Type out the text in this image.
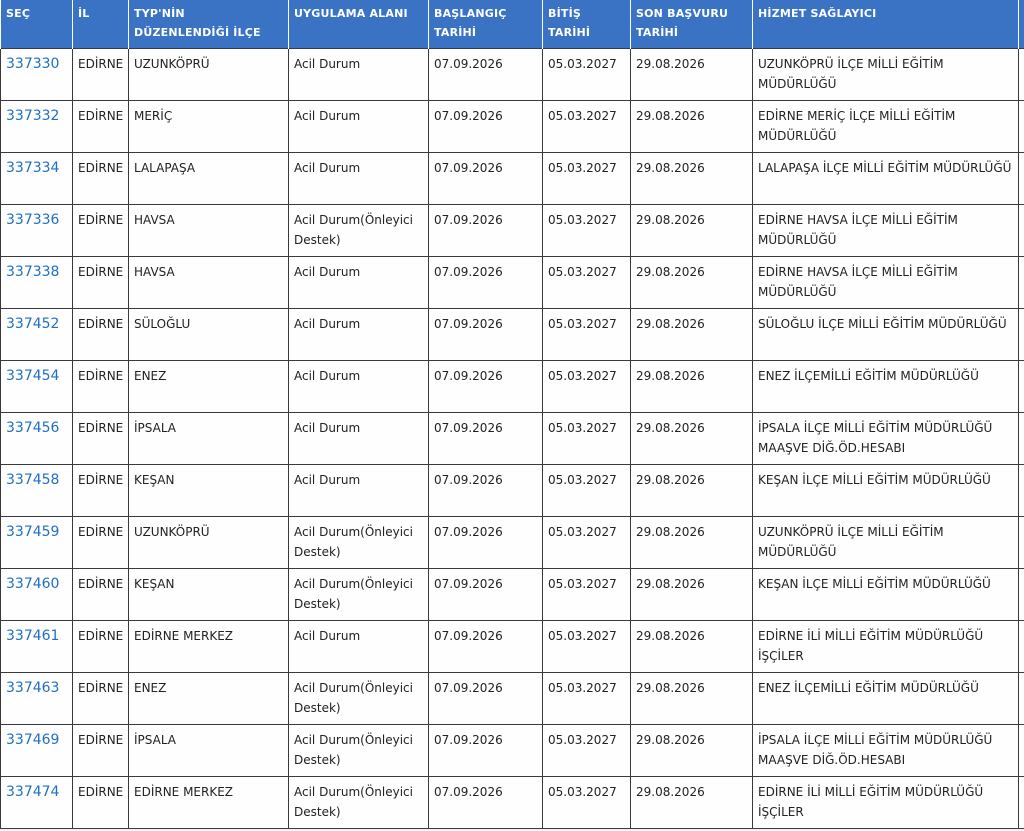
SEÇ	İL	TYP'NİN DÜZENLENDİĞİ İLÇE	UYGULAMA ALANI	BAŞLANGIÇ TARİHİ	BİTİŞ TARİHİ	SON BAŞVURU TARİHİ	HİZMET SAĞLAYICI	
337330	EDİRNE	UZUNKÖPRÜ	Acil Durum	07.09.2026	05.03.2027	29.08.2026	UZUNKÖPRÜ İLÇE MİLLİ EĞİTİM MÜDÜRLÜĞÜ	
337332	EDİRNE	MERİÇ	Acil Durum	07.09.2026	05.03.2027	29.08.2026	EDİRNE MERİÇ İLÇE MİLLİ EĞİTİM MÜDÜRLÜĞÜ	
337334	EDİRNE	LALAPAŞA	Acil Durum	07.09.2026	05.03.2027	29.08.2026	LALAPAŞA İLÇE MİLLİ EĞİTİM MÜDÜRLÜĞÜ	
337336	EDİRNE	HAVSA	Acil Durum(Önleyici Destek)	07.09.2026	05.03.2027	29.08.2026	EDİRNE HAVSA İLÇE MİLLİ EĞİTİM MÜDÜRLÜĞÜ	
337338	EDİRNE	HAVSA	Acil Durum	07.09.2026	05.03.2027	29.08.2026	EDİRNE HAVSA İLÇE MİLLİ EĞİTİM MÜDÜRLÜĞÜ	
337452	EDİRNE	SÜLOĞLU	Acil Durum	07.09.2026	05.03.2027	29.08.2026	SÜLOĞLU İLÇE MİLLİ EĞİTİM MÜDÜRLÜĞÜ	
337454	EDİRNE	ENEZ	Acil Durum	07.09.2026	05.03.2027	29.08.2026	ENEZ İLÇEMİLLİ EĞİTİM MÜDÜRLÜĞÜ	
337456	EDİRNE	İPSALA	Acil Durum	07.09.2026	05.03.2027	29.08.2026	İPSALA İLÇE MİLLİ EĞİTİM MÜDÜRLÜĞÜ MAAŞVE DİĞ.ÖD.HESABI	
337458	EDİRNE	KEŞAN	Acil Durum	07.09.2026	05.03.2027	29.08.2026	KEŞAN İLÇE MİLLİ EĞİTİM MÜDÜRLÜĞÜ	
337459	EDİRNE	UZUNKÖPRÜ	Acil Durum(Önleyici Destek)	07.09.2026	05.03.2027	29.08.2026	UZUNKÖPRÜ İLÇE MİLLİ EĞİTİM MÜDÜRLÜĞÜ	
337460	EDİRNE	KEŞAN	Acil Durum(Önleyici Destek)	07.09.2026	05.03.2027	29.08.2026	KEŞAN İLÇE MİLLİ EĞİTİM MÜDÜRLÜĞÜ	
337461	EDİRNE	EDİRNE MERKEZ	Acil Durum	07.09.2026	05.03.2027	29.08.2026	EDİRNE İLİ MİLLİ EĞİTİM MÜDÜRLÜĞÜ İŞÇİLER	
337463	EDİRNE	ENEZ	Acil Durum(Önleyici Destek)	07.09.2026	05.03.2027	29.08.2026	ENEZ İLÇEMİLLİ EĞİTİM MÜDÜRLÜĞÜ	
337469	EDİRNE	İPSALA	Acil Durum(Önleyici Destek)	07.09.2026	05.03.2027	29.08.2026	İPSALA İLÇE MİLLİ EĞİTİM MÜDÜRLÜĞÜ MAAŞVE DİĞ.ÖD.HESABI	
337474	EDİRNE	EDİRNE MERKEZ	Acil Durum(Önleyici Destek)	07.09.2026	05.03.2027	29.08.2026	EDİRNE İLİ MİLLİ EĞİTİM MÜDÜRLÜĞÜ İŞÇİLER	
